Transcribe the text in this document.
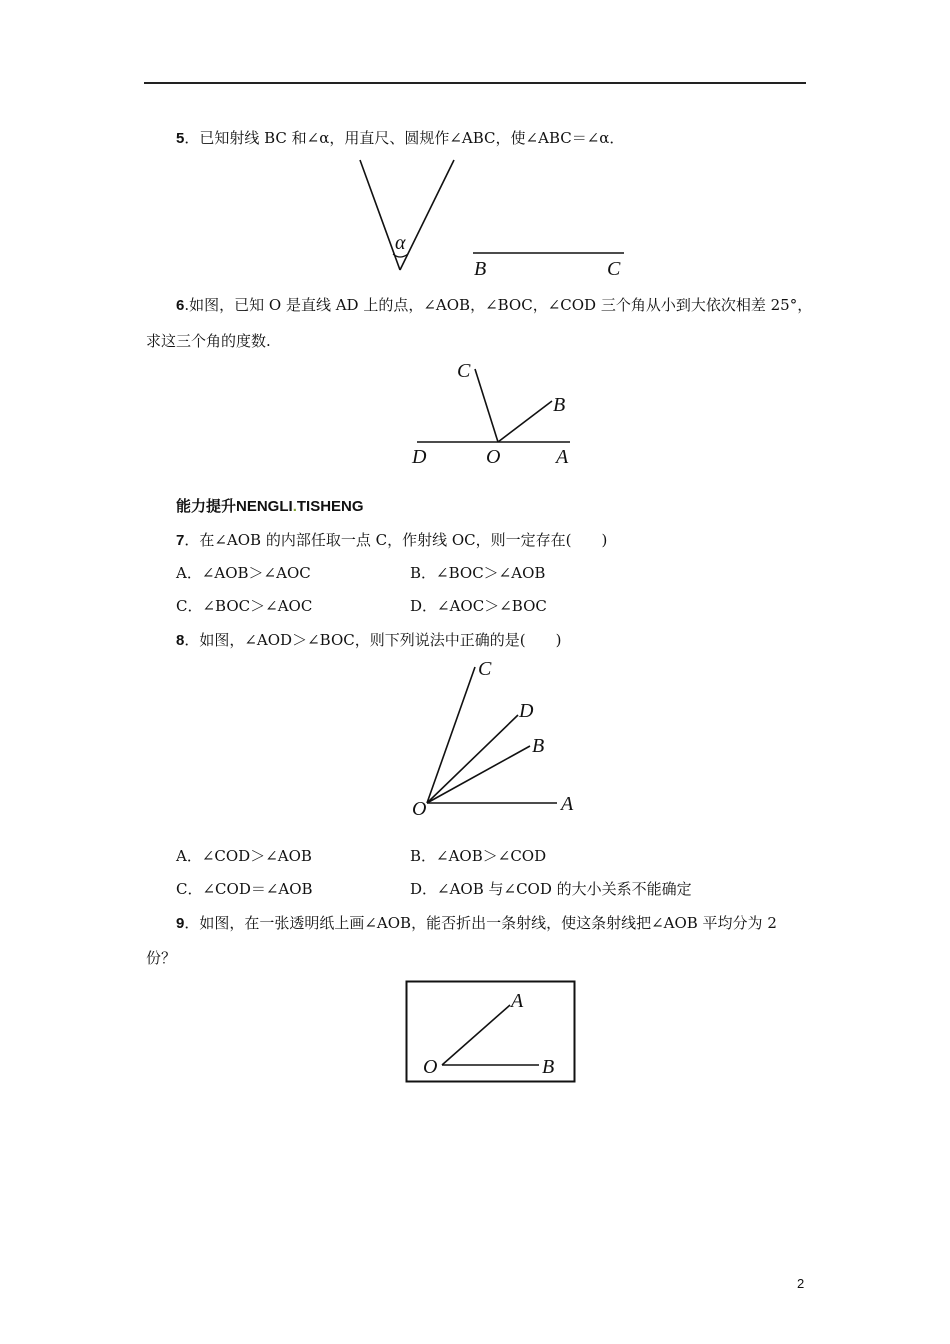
5．已知射线 BC 和∠α，用直尺、圆规作∠ABC，使∠ABC＝∠α．
α
B	C
6.如图，已知 O 是直线 AD 上的点，∠AOB，∠BOC，∠COD 三个角从小到大依次相差 25°，
求这三个角的度数.
C
B
D	O	A
能力提升NENGLI.TISHENG
7．在∠AOB 的内部任取一点 C，作射线 OC，则一定存在(　　)
A．∠AOB＞∠AOC	B．∠BOC＞∠AOB
C．∠BOC＞∠AOC	D．∠AOC＞∠BOC
8．如图，∠AOD＞∠BOC，则下列说法中正确的是(　　)
C
D
B
O	A
A．∠COD＞∠AOB	B．∠AOB＞∠COD
C．∠COD＝∠AOB	D．∠AOB 与∠COD 的大小关系不能确定
9．如图，在一张透明纸上画∠AOB，能否折出一条射线，使这条射线把∠AOB 平均分为 2
份？
A
O	B
2
